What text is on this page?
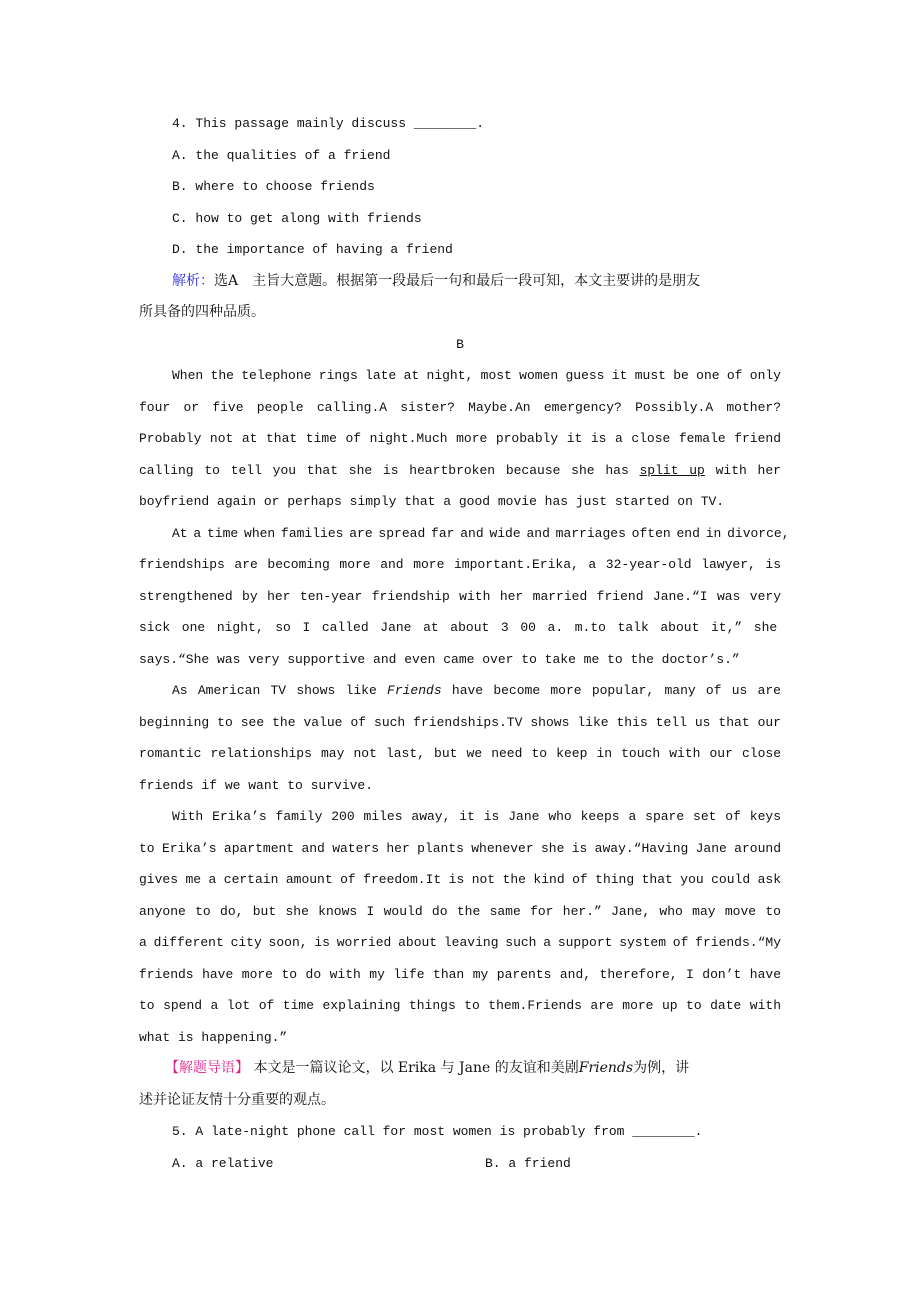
4. This passage mainly discuss ________.
A. the qualities of a friend
B. where to choose friends
C. how to get along with friends
D. the importance of having a friend
解析：选A　主旨大意题。根据第一段最后一句和最后一段可知，本文主要讲的是朋友
所具备的四种品质。
B
When the telephone rings late at night, most women guess it must be one of only
four or five people calling.A sister? Maybe.An emergency? Possibly.A mother?
Probably not at that time of night.Much more probably it is a close female friend
calling to tell you that she is heartbroken because she has split up with her
boyfriend again or perhaps simply that a good movie has just started on TV.
At a time when families are spread far and wide and marriages often end in divorce,
friendships are becoming more and more important.Erika, a 32-year-old lawyer, is
strengthened by her ten-year friendship with her married friend Jane.“I was very
sick one night, so I called Jane at about 3 00 a. m.to talk about it,” she
says.“She was very supportive and even came over to take me to the doctor’s.”
As American TV shows like Friends have become more popular, many of us are
beginning to see the value of such friendships.TV shows like this tell us that our
romantic relationships may not last, but we need to keep in touch with our close
friends if we want to survive.
With Erika’s family 200 miles away, it is Jane who keeps a spare set of keys
to Erika’s apartment and waters her plants whenever she is away.“Having Jane around
gives me a certain amount of freedom.It is not the kind of thing that you could ask
anyone to do, but she knows I would do the same for her.” Jane, who may move to
a different city soon, is worried about leaving such a support system of friends.“My
friends have more to do with my life than my parents and, therefore, I don’t have
to spend a lot of time explaining things to them.Friends are more up to date with
what is happening.”
【解题导语】 本文是一篇议论文，以 Erika 与 Jane 的友谊和美剧Friends为例，讲
述并论证友情十分重要的观点。
5. A late-night phone call for most women is probably from ________.
A. a relative	B. a friend
